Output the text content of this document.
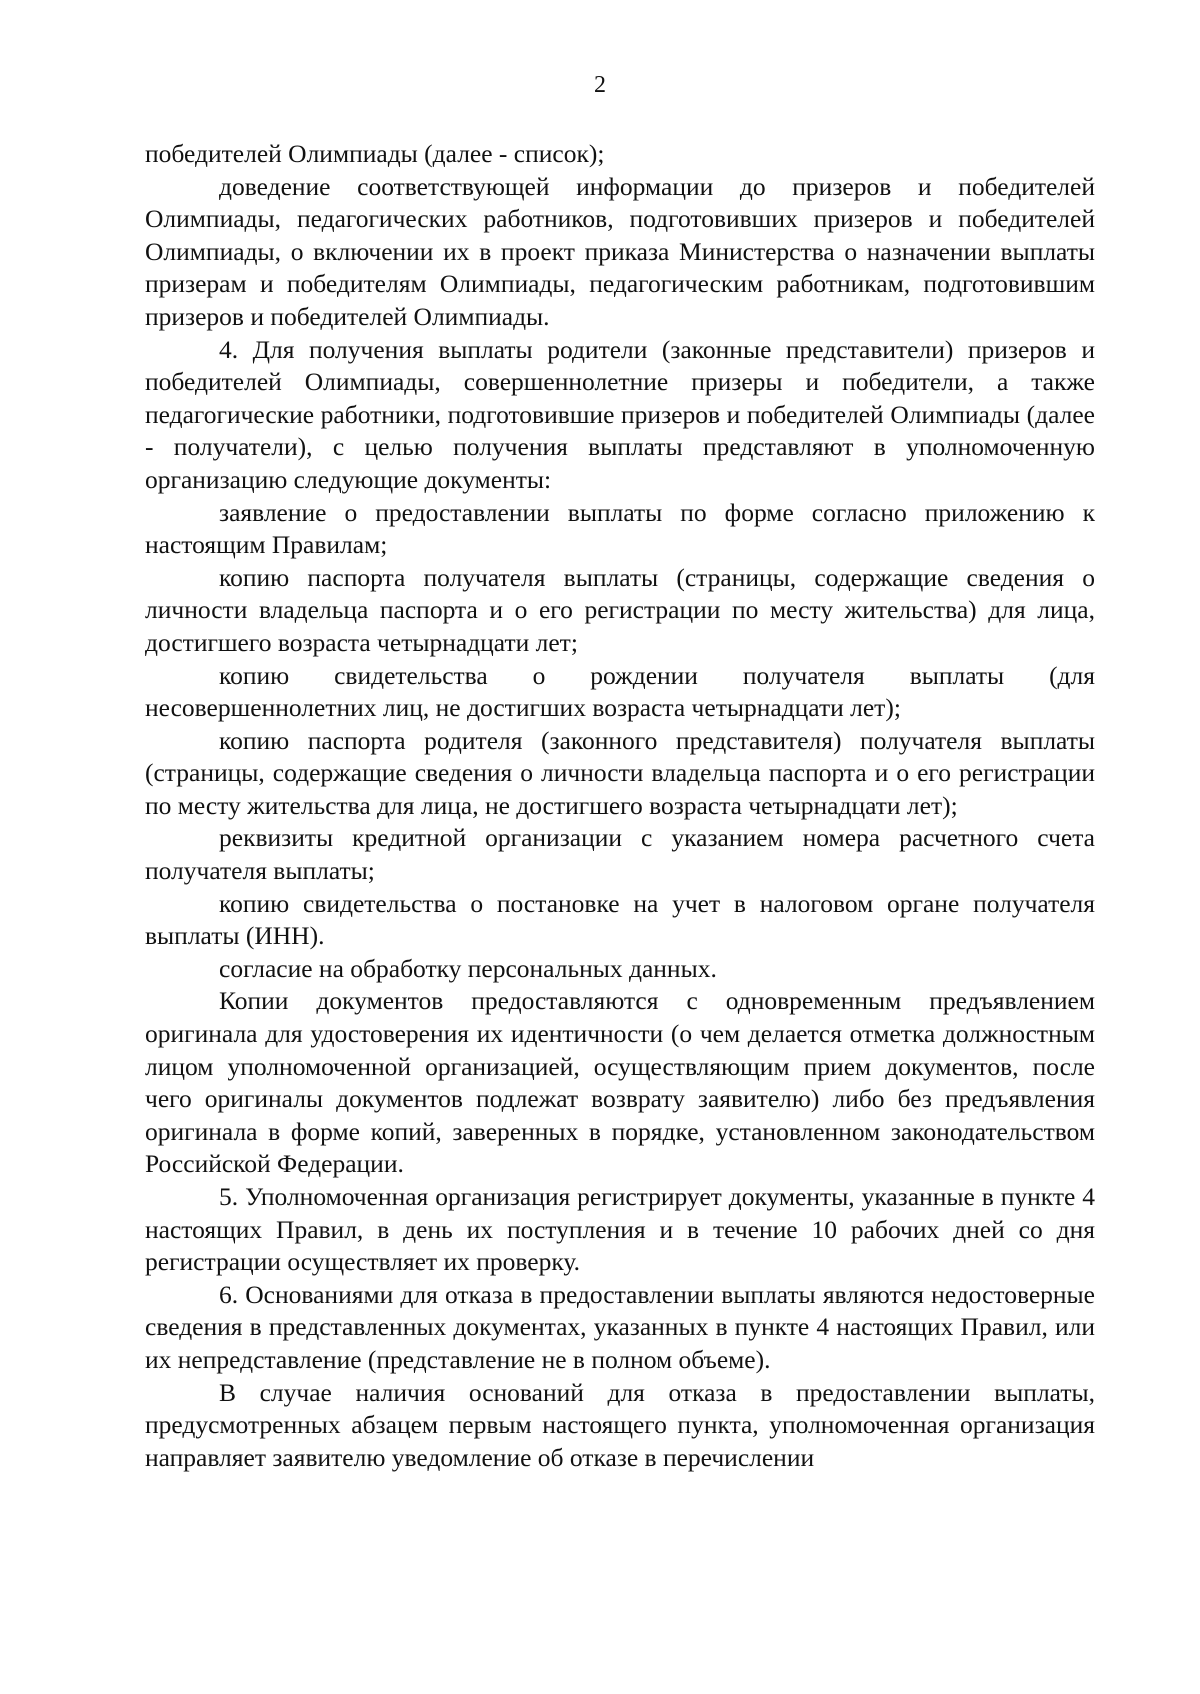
2

победителей Олимпиады (далее - список);

доведение соответствующей информации до призеров и победителей Олимпиады, педагогических работников, подготовивших призеров и победителей Олимпиады, о включении их в проект приказа Министерства о назначении выплаты призерам и победителям Олимпиады, педагогическим работникам, подготовившим призеров и победителей Олимпиады.

4. Для получения выплаты родители (законные представители) призеров и победителей Олимпиады, совершеннолетние призеры и победители, а также педагогические работники, подготовившие призеров и победителей Олимпиады (далее - получатели), с целью получения выплаты представляют в уполномоченную организацию следующие документы:

заявление о предоставлении выплаты по форме согласно приложению к настоящим Правилам;

копию паспорта получателя выплаты (страницы, содержащие сведения о личности владельца паспорта и о его регистрации по месту жительства) для лица, достигшего возраста четырнадцати лет;

копию свидетельства о рождении получателя выплаты (для несовершеннолетних лиц, не достигших возраста четырнадцати лет);

копию паспорта родителя (законного представителя) получателя выплаты (страницы, содержащие сведения о личности владельца паспорта и о его регистрации по месту жительства для лица, не достигшего возраста четырнадцати лет);

реквизиты кредитной организации с указанием номера расчетного счета получателя выплаты;

копию свидетельства о постановке на учет в налоговом органе получателя выплаты (ИНН).

согласие на обработку персональных данных.

Копии документов предоставляются с одновременным предъявлением оригинала для удостоверения их идентичности (о чем делается отметка должностным лицом уполномоченной организацией, осуществляющим прием документов, после чего оригиналы документов подлежат возврату заявителю) либо без предъявления оригинала в форме копий, заверенных в порядке, установленном законодательством Российской Федерации.

5. Уполномоченная организация регистрирует документы, указанные в пункте 4 настоящих Правил, в день их поступления и в течение 10 рабочих дней со дня регистрации осуществляет их проверку.

6. Основаниями для отказа в предоставлении выплаты являются недостоверные сведения в представленных документах, указанных в пункте 4 настоящих Правил, или их непредставление (представление не в полном объеме).

В случае наличия оснований для отказа в предоставлении выплаты, предусмотренных абзацем первым настоящего пункта, уполномоченная организация направляет заявителю уведомление об отказе в перечислении
